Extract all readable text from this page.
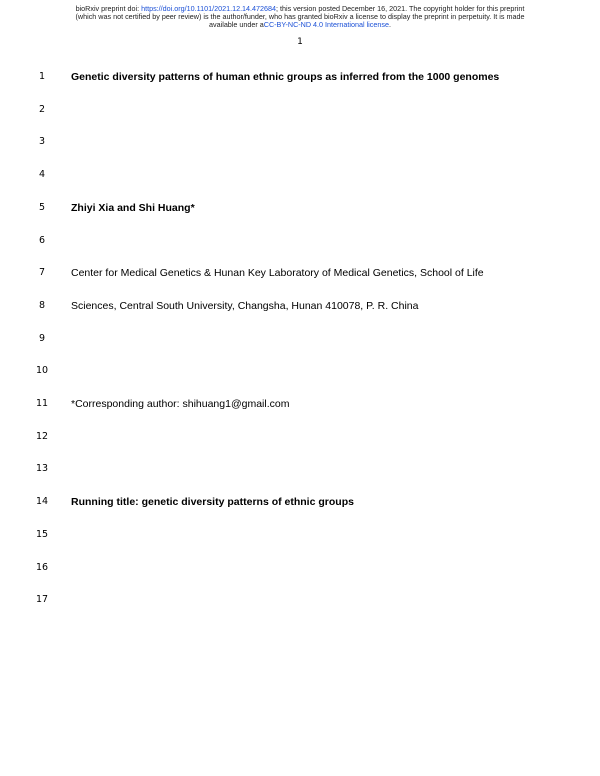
bioRxiv preprint doi: https://doi.org/10.1101/2021.12.14.472684; this version posted December 16, 2021. The copyright holder for this preprint
(which was not certified by peer review) is the author/funder, who has granted bioRxiv a license to display the preprint in perpetuity. It is made
available under aCC-BY-NC-ND 4.0 International license.
1
1	Genetic diversity patterns of human ethnic groups as inferred from the 1000 genomes
2
3
4
5	Zhiyi Xia and Shi Huang*
6
7	Center for Medical Genetics & Hunan Key Laboratory of Medical Genetics, School of Life
8	Sciences, Central South University, Changsha, Hunan 410078, P. R. China
9
10
11	*Corresponding author: shihuang1@gmail.com
12
13
14	Running title: genetic diversity patterns of ethnic groups
15
16
17
